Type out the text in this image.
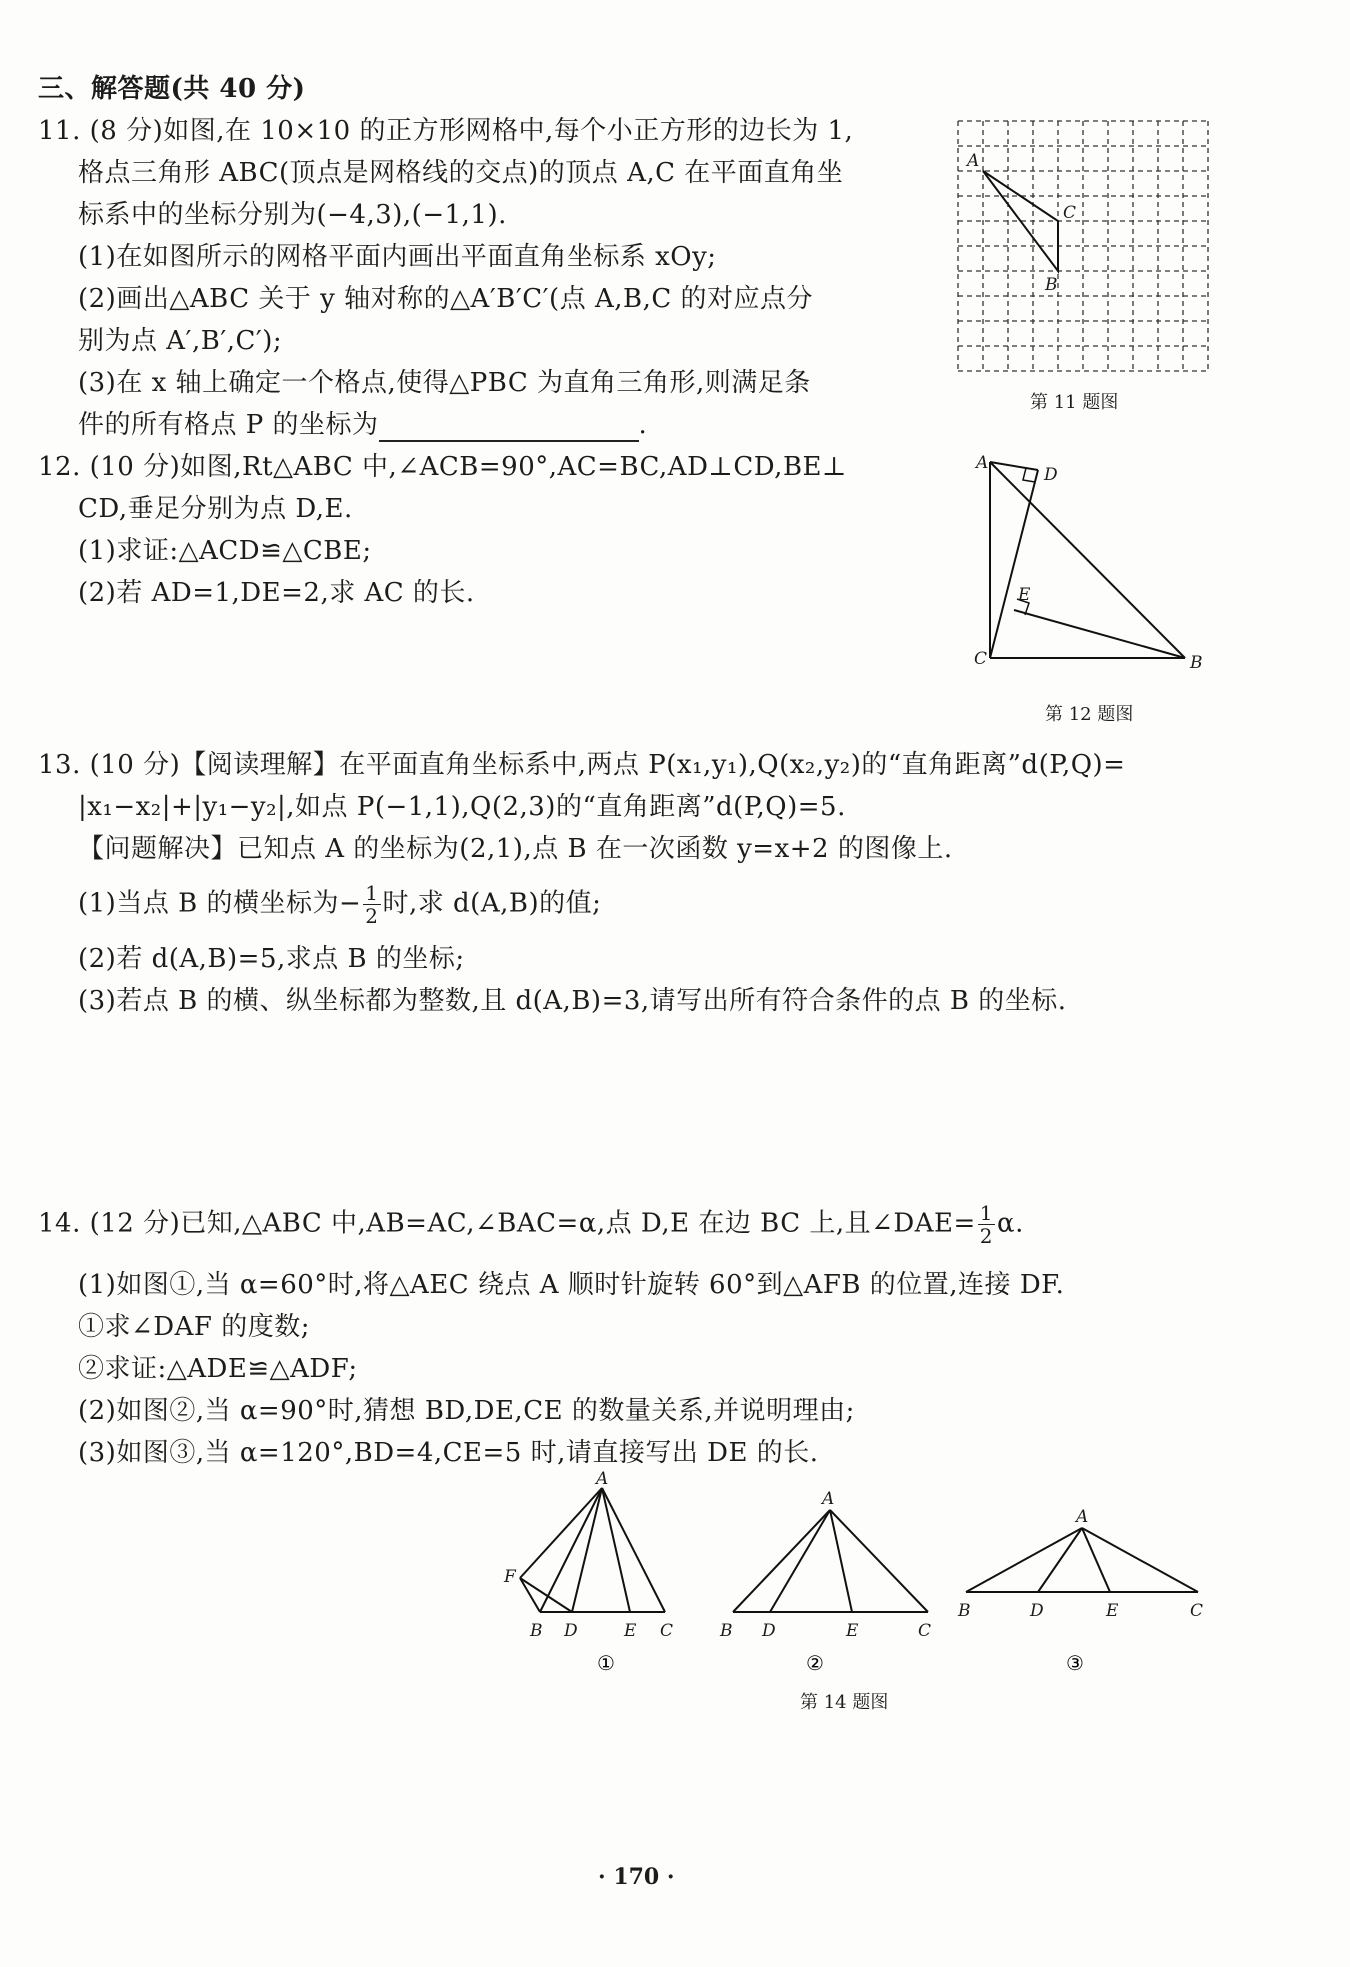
三、解答题(共 40 分)
11. (8 分)如图,在 10×10 的正方形网格中,每个小正方形的边长为 1,
格点三角形 ABC(顶点是网格线的交点)的顶点 A,C 在平面直角坐
标系中的坐标分别为(−4,3),(−1,1).
(1)在如图所示的网格平面内画出平面直角坐标系 xOy;
(2)画出△ABC 关于 y 轴对称的△A′B′C′(点 A,B,C 的对应点分
别为点 A′,B′,C′);
(3)在 x 轴上确定一个格点,使得△PBC 为直角三角形,则满足条
件的所有格点 P 的坐标为	.
A
C
B
第 11 题图
12. (10 分)如图,Rt△ABC 中,∠ACB=90°,AC=BC,AD⊥CD,BE⊥
CD,垂足分别为点 D,E.
(1)求证:△ACD≌△CBE;
(2)若 AD=1,DE=2,求 AC 的长.
A
D
E
C	B
第 12 题图
13. (10 分)【阅读理解】在平面直角坐标系中,两点 P(x₁,y₁),Q(x₂,y₂)的“直角距离”d(P,Q)=
|x₁−x₂|+|y₁−y₂|,如点 P(−1,1),Q(2,3)的“直角距离”d(P,Q)=5.
【问题解决】已知点 A 的坐标为(2,1),点 B 在一次函数 y=x+2 的图像上.
(1)当点 B 的横坐标为− $\frac{1}{2}$ 时,求 d(A,B)的值;
(2)若 d(A,B)=5,求点 B 的坐标;
(3)若点 B 的横、纵坐标都为整数,且 d(A,B)=3,请写出所有符合条件的点 B 的坐标.
14. (12 分)已知,△ABC 中,AB=AC,∠BAC=α,点 D,E 在边 BC 上,且∠DAE= $\frac{1}{2} \alpha$.
(1)如图①,当 α=60°时,将△AEC 绕点 A 顺时针旋转 60°到△AFB 的位置,连接 DF.
①求∠DAF 的度数;
②求证:△ADE≌△ADF;
(2)如图②,当 α=90°时,猜想 BD,DE,CE 的数量关系,并说明理由;
(3)如图③,当 α=120°,BD=4,CE=5 时,请直接写出 DE 的长.
A
F
B D	E C
①
A
B D	E	C
②
A
B	D	E	C
③
第 14 题图
· 170 ·
